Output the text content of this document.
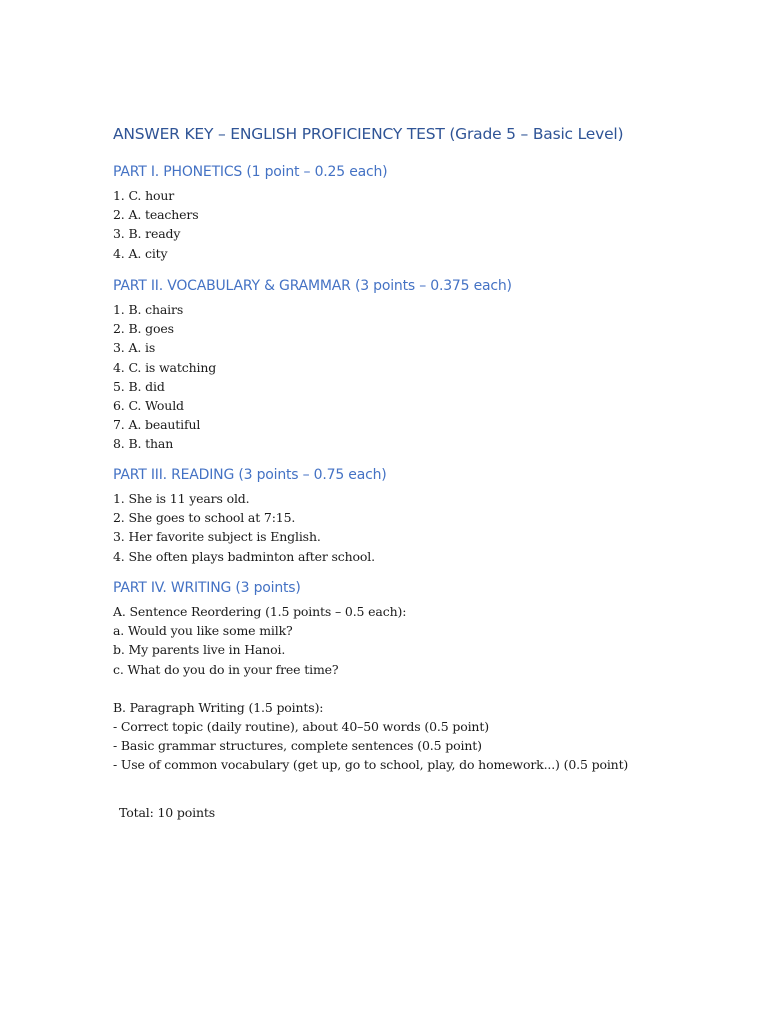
ANSWER KEY – ENGLISH PROFICIENCY TEST (Grade 5 – Basic Level)
PART I. PHONETICS (1 point – 0.25 each)
1. C. hour
2. A. teachers
3. B. ready
4. A. city
PART II. VOCABULARY & GRAMMAR (3 points – 0.375 each)
1. B. chairs
2. B. goes
3. A. is
4. C. is watching
5. B. did
6. C. Would
7. A. beautiful
8. B. than
PART III. READING (3 points – 0.75 each)
1. She is 11 years old.
2. She goes to school at 7:15.
3. Her favorite subject is English.
4. She often plays badminton after school.
PART IV. WRITING (3 points)
A. Sentence Reordering (1.5 points – 0.5 each):
a. Would you like some milk?
b. My parents live in Hanoi.
c. What do you do in your free time?
B. Paragraph Writing (1.5 points):
- Correct topic (daily routine), about 40–50 words (0.5 point)
- Basic grammar structures, complete sentences (0.5 point)
- Use of common vocabulary (get up, go to school, play, do homework...) (0.5 point)
Total: 10 points
